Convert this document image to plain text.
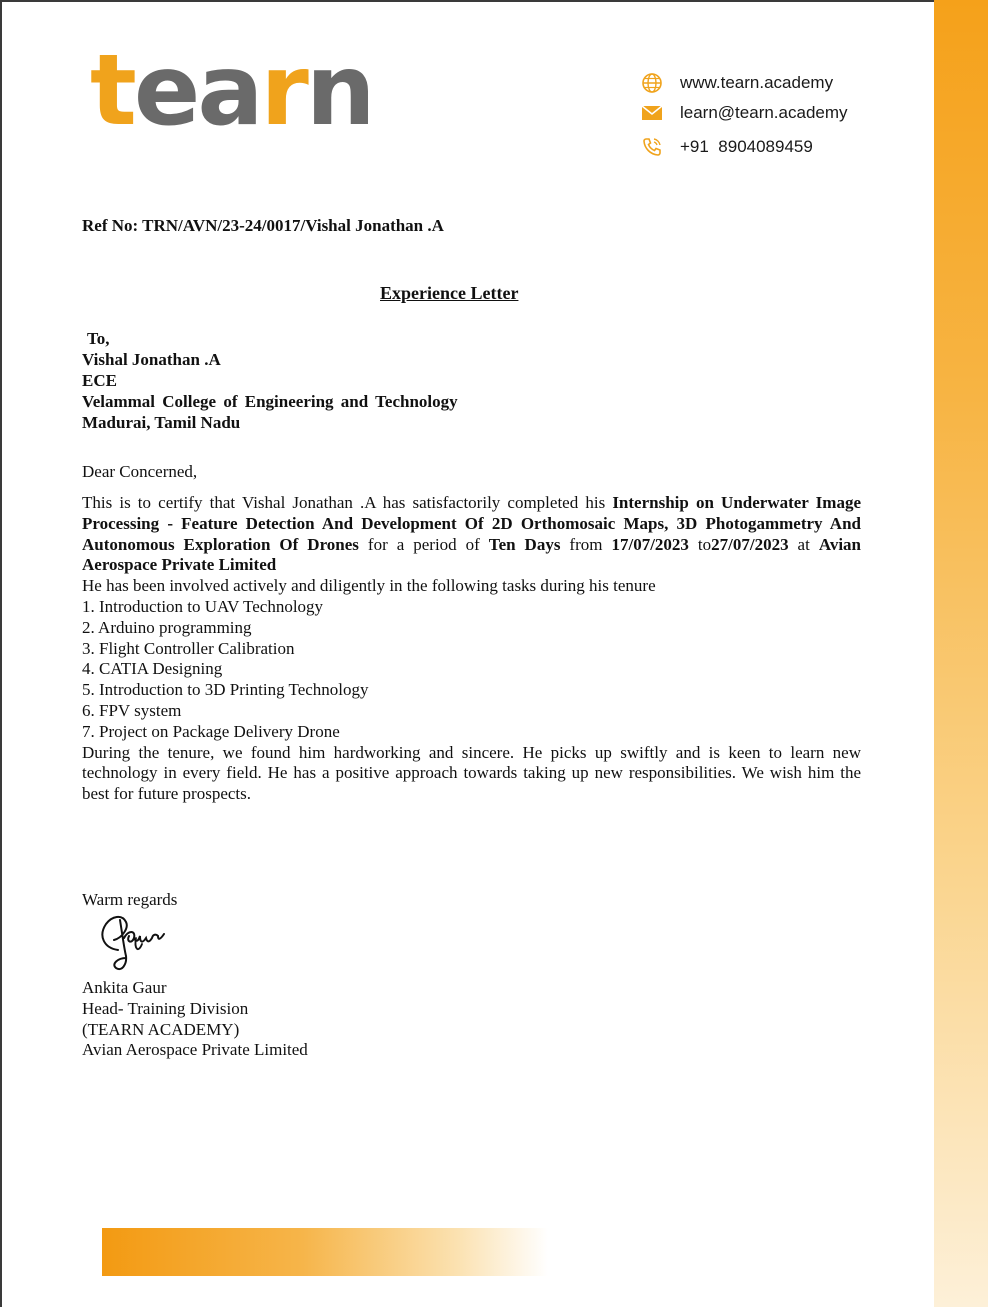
tearn	www.tearn.academy
learn@tearn.academy
+91  8904089459
Ref No: TRN/AVN/23-24/0017/Vishal Jonathan .A
Experience Letter
To,
Vishal Jonathan .A
ECE
Velammal College of Engineering and Technology
Madurai, Tamil Nadu
Dear Concerned,

This is to certify that Vishal Jonathan .A has satisfactorily completed his Internship on Underwater Image Processing - Feature Detection And Development Of 2D Orthomosaic Maps, 3D Photogammetry And Autonomous Exploration Of Drones for a period of Ten Days from 17/07/2023 to27/07/2023 at Avian Aerospace Private Limited

He has been involved actively and diligently in the following tasks during his tenure

1. Introduction to UAV Technology
2. Arduino programming
3. Flight Controller Calibration
4. CATIA Designing
5. Introduction to 3D Printing Technology
6. FPV system
7. Project on Package Delivery Drone

During the tenure, we found him hardworking and sincere. He picks up swiftly and is keen to learn new technology in every field. He has a positive approach towards taking up new responsibilities. We wish him the best for future prospects.

Warm regards
Ankita Gaur
Head- Training Division
(TEARN ACADEMY)
Avian Aerospace Private Limited
